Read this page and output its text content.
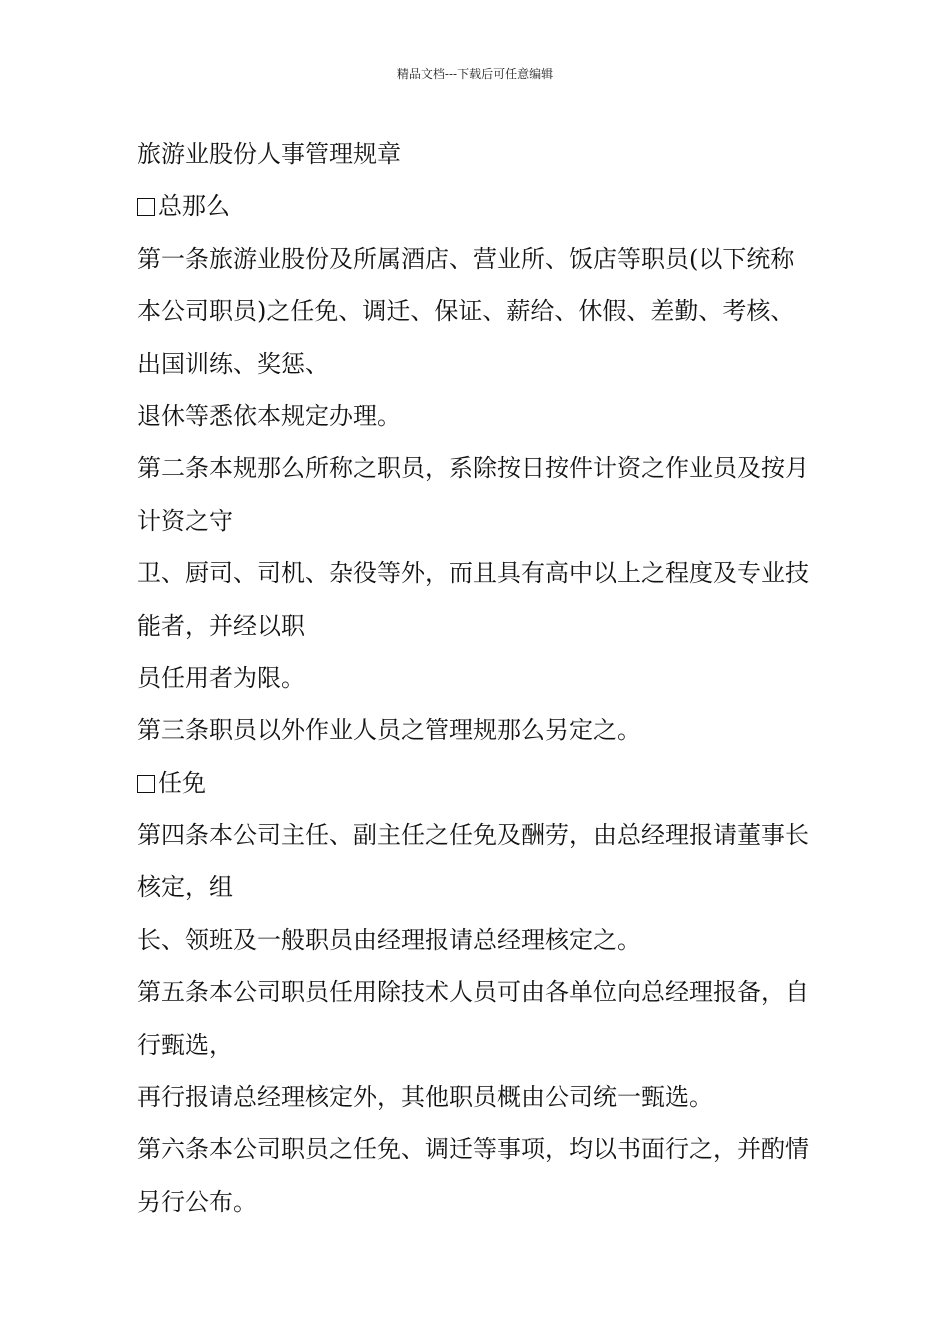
精品文档---下载后可任意编辑
旅游业股份人事管理规章
总那么
第一条旅游业股份及所属酒店、营业所、饭店等职员(以下统称
本公司职员)之任免、调迁、保证、薪给、休假、差勤、考核、
出国训练、奖惩、
退休等悉依本规定办理。
第二条本规那么所称之职员，系除按日按件计资之作业员及按月
计资之守
卫、厨司、司机、杂役等外，而且具有高中以上之程度及专业技
能者，并经以职
员任用者为限。
第三条职员以外作业人员之管理规那么另定之。
任免
第四条本公司主任、副主任之任免及酬劳，由总经理报请董事长
核定，组
长、领班及一般职员由经理报请总经理核定之。
第五条本公司职员任用除技术人员可由各单位向总经理报备，自
行甄选，
再行报请总经理核定外，其他职员概由公司统一甄选。
第六条本公司职员之任免、调迁等事项，均以书面行之，并酌情
另行公布。
